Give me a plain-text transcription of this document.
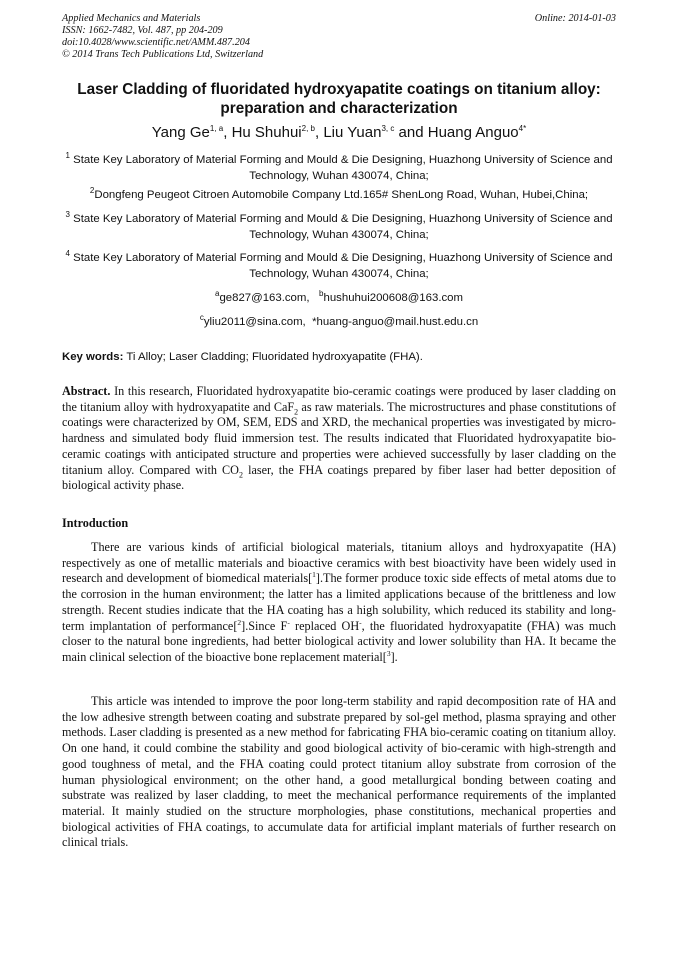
Applied Mechanics and Materials
ISSN: 1662-7482, Vol. 487, pp 204-209
doi:10.4028/www.scientific.net/AMM.487.204
© 2014 Trans Tech Publications Ltd, Switzerland
Online: 2014-01-03
Laser Cladding of fluoridated hydroxyapatite coatings on titanium alloy: preparation and characterization
Yang Ge$^{1, a}$, Hu Shuhui$^{2, b}$, Liu Yuan$^{3, c}$ and Huang Anguo$^{4*}$
$^1$ State Key Laboratory of Material Forming and Mould & Die Designing, Huazhong University of Science and Technology, Wuhan 430074, China;
$^2$Dongfeng Peugeot Citroen Automobile Company Ltd.165# ShenLong Road, Wuhan, Hubei,China;
$^3$ State Key Laboratory of Material Forming and Mould & Die Designing, Huazhong University of Science and Technology, Wuhan 430074, China;
$^4$ State Key Laboratory of Material Forming and Mould & Die Designing, Huazhong University of Science and Technology, Wuhan 430074, China;
$^a$ge827@163.com, $^b$hushuhui200608@163.com
$^c$yliu2011@sina.com, *huang-anguo@mail.hust.edu.cn
Key words: Ti Alloy; Laser Cladding; Fluoridated hydroxyapatite (FHA).
Abstract. In this research, Fluoridated hydroxyapatite bio-ceramic coatings were produced by laser cladding on the titanium alloy with hydroxyapatite and CaF$_2$ as raw materials. The microstructures and phase constitutions of coatings were characterized by OM, SEM, EDS and XRD, the mechanical properties was investigated by micro-hardness and simulated body fluid immersion test. The results indicated that Fluoridated hydroxyapatite bio-ceramic coatings with anticipated structure and properties were achieved successfully by laser cladding on the titanium alloy. Compared with $CO_2$ laser, the FHA coatings prepared by fiber laser had better deposition of biological activity phase.
Introduction
There are various kinds of artificial biological materials, titanium alloys and hydroxyapatite (HA) respectively as one of metallic materials and bioactive ceramics with best bioactivity have been widely used in research and development of biomedical materials[$^1$].The former produce toxic side effects of metal atoms due to the corrosion in the human environment; the latter has a limited applications because of the brittleness and low strength. Recent studies indicate that the HA coating has a high solubility, which reduced its stability and long-term implantation of performance[$^2$].Since F- replaced OH-, the fluoridated hydroxyapatite (FHA) was much closer to the natural bone ingredients, had better biological activity and lower solubility than HA. It became the main clinical selection of the bioactive bone replacement material[$^3$].
This article was intended to improve the poor long-term stability and rapid decomposition rate of HA and the low adhesive strength between coating and substrate prepared by sol-gel method, plasma spraying and other methods. Laser cladding is presented as a new method for fabricating FHA bio-ceramic coating on titanium alloy. On one hand, it could combine the stability and good biological activity of bio-ceramic with high-strength and good toughness of metal, and the FHA coating could protect titanium alloy substrate from corrosion of the human physiological environment; on the other hand, a good metallurgical bonding between coating and substrate was realized by laser cladding, to meet the mechanical performance requirements of the implanted material. It mainly studied on the structure morphologies, phase constitutions, mechanical properties and biological activities of FHA coatings, to accumulate data for artificial implant materials of further research on clinical trials.
